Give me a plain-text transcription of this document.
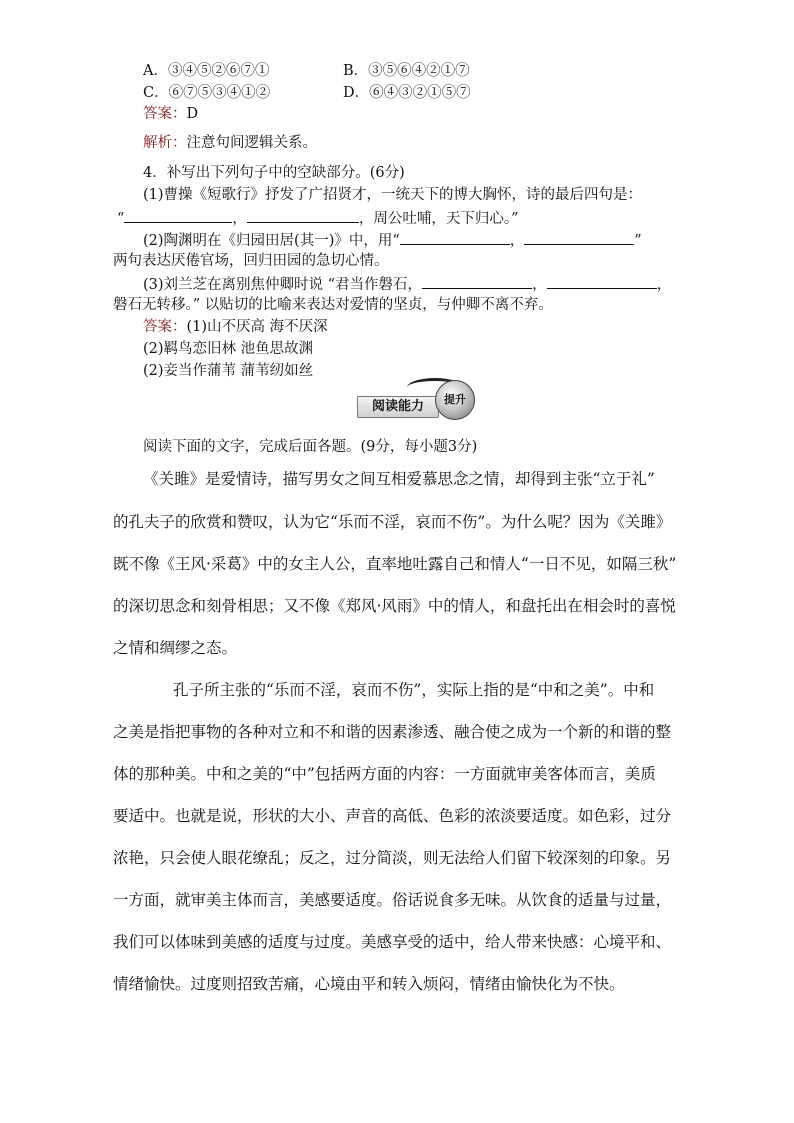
A．③④⑤②⑥⑦①	B．③⑤⑥④②①⑦
C．⑥⑦⑤③④①②	D．⑥④③②①⑤⑦
答案：D
解析：注意句间逻辑关系。
4．补写出下列句子中的空缺部分。(6分)
(1)曹操《短歌行》抒发了广招贤才，一统天下的博大胸怀，诗的最后四句是：
“	，	，周公吐哺，天下归心。”
(2)陶渊明在《归园田居(其一)》中，用“	，	”
两句表达厌倦官场，回归田园的急切心情。
(3)刘兰芝在离别焦仲卿时说 “君当作磐石，	，	，
磐石无转移。” 以贴切的比喻来表达对爱情的坚贞，与仲卿不离不弃。
答案：(1)山不厌高 海不厌深
(2)羁鸟恋旧林 池鱼思故渊
(2)妾当作蒲苇 蒲苇纫如丝
阅读能力	提升
阅读下面的文字，完成后面各题。(9分，每小题3分)
《关雎》是爱情诗，描写男女之间互相爱慕思念之情，却得到主张“立于礼”
的孔夫子的欣赏和赞叹，认为它“乐而不淫，哀而不伤”。为什么呢？因为《关雎》
既不像《王风·采葛》中的女主人公，直率地吐露自己和情人“一日不见，如隔三秋”
的深切思念和刻骨相思；又不像《郑风·风雨》中的情人，和盘托出在相会时的喜悦
之情和绸缪之态。
孔子所主张的“乐而不淫，哀而不伤”，实际上指的是“中和之美”。中和
之美是指把事物的各种对立和不和谐的因素渗透、融合使之成为一个新的和谐的整
体的那种美。中和之美的“中”包括两方面的内容：一方面就审美客体而言，美质
要适中。也就是说，形状的大小、声音的高低、色彩的浓淡要适度。如色彩，过分
浓艳，只会使人眼花缭乱；反之，过分简淡，则无法给人们留下较深刻的印象。另
一方面，就审美主体而言，美感要适度。俗话说食多无味。从饮食的适量与过量，
我们可以体味到美感的适度与过度。美感享受的适中，给人带来快感：心境平和、
情绪愉快。过度则招致苦痛，心境由平和转入烦闷，情绪由愉快化为不快。
